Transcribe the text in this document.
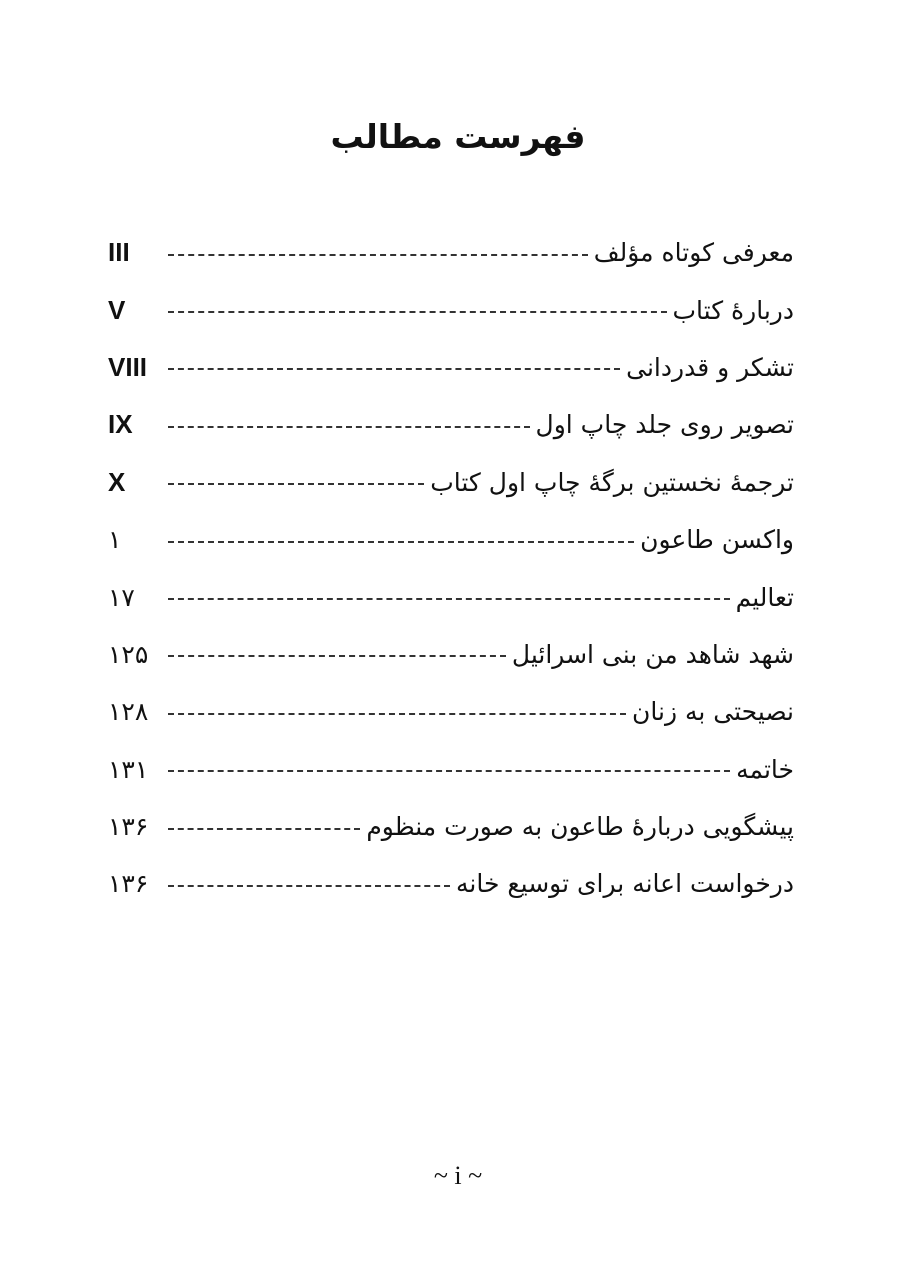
فهرست مطالب
معرفی کوتاه مؤلف
III
دربارۀ کتاب
V
تشکر و قدردانی
VIII
تصویر روی جلد چاپ اول
IX
ترجمۀ نخستین برگۀ چاپ اول کتاب
X
واکسن طاعون
۱
تعالیم
۱۷
شهد شاهد من بنی اسرائیل
۱۲۵
نصیحتی به زنان
۱۲۸
خاتمه
۱۳۱
پیشگویی دربارۀ طاعون به صورت منظوم
۱۳۶
درخواست اعانه برای توسیع خانه
۱۳۶
~ i ~
